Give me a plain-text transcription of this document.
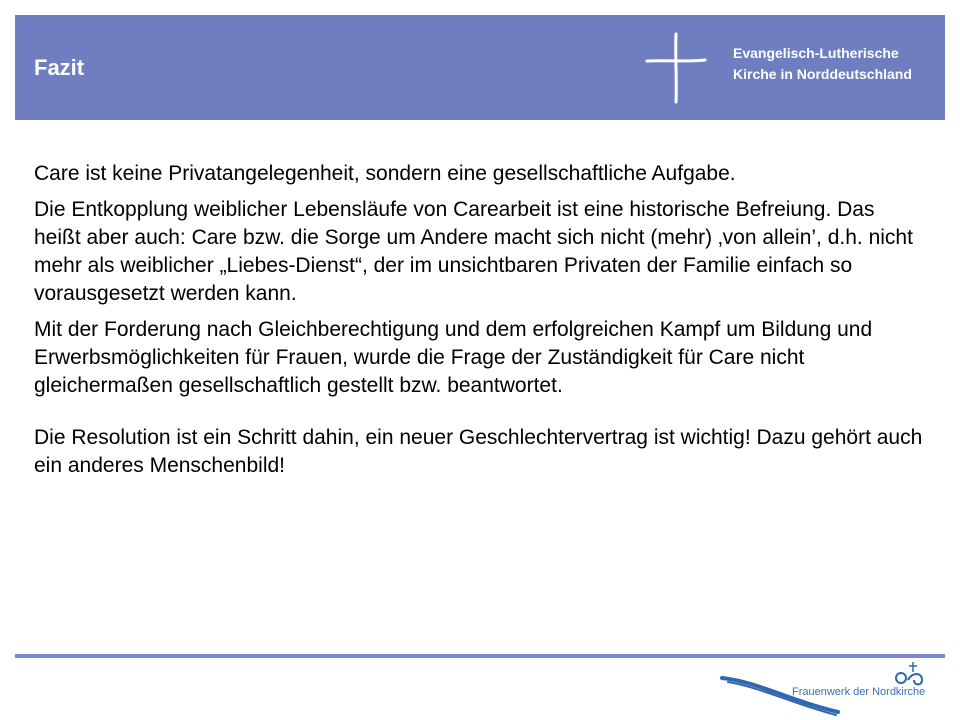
Fazit
Evangelisch-Lutherische
Kirche in Norddeutschland

Care ist keine Privatangelegenheit, sondern eine gesellschaftliche Aufgabe.

Die Entkopplung weiblicher Lebensläufe von Carearbeit ist eine historische Befreiung. Das heißt aber auch: Care bzw. die Sorge um Andere macht sich nicht (mehr) ‚von allein’, d.h. nicht mehr als weiblicher „Liebes-Dienst“, der im unsichtbaren Privaten der Familie einfach so vorausgesetzt werden kann.

Mit der Forderung nach Gleichberechtigung und dem erfolgreichen Kampf um Bildung und Erwerbsmöglichkeiten für Frauen, wurde die Frage der Zuständigkeit für Care nicht gleichermaßen gesellschaftlich gestellt bzw. beantwortet.

Die Resolution ist ein Schritt dahin, ein neuer Geschlechtervertrag ist wichtig! Dazu gehört auch ein anderes Menschenbild!

Frauenwerk der Nordkirche
